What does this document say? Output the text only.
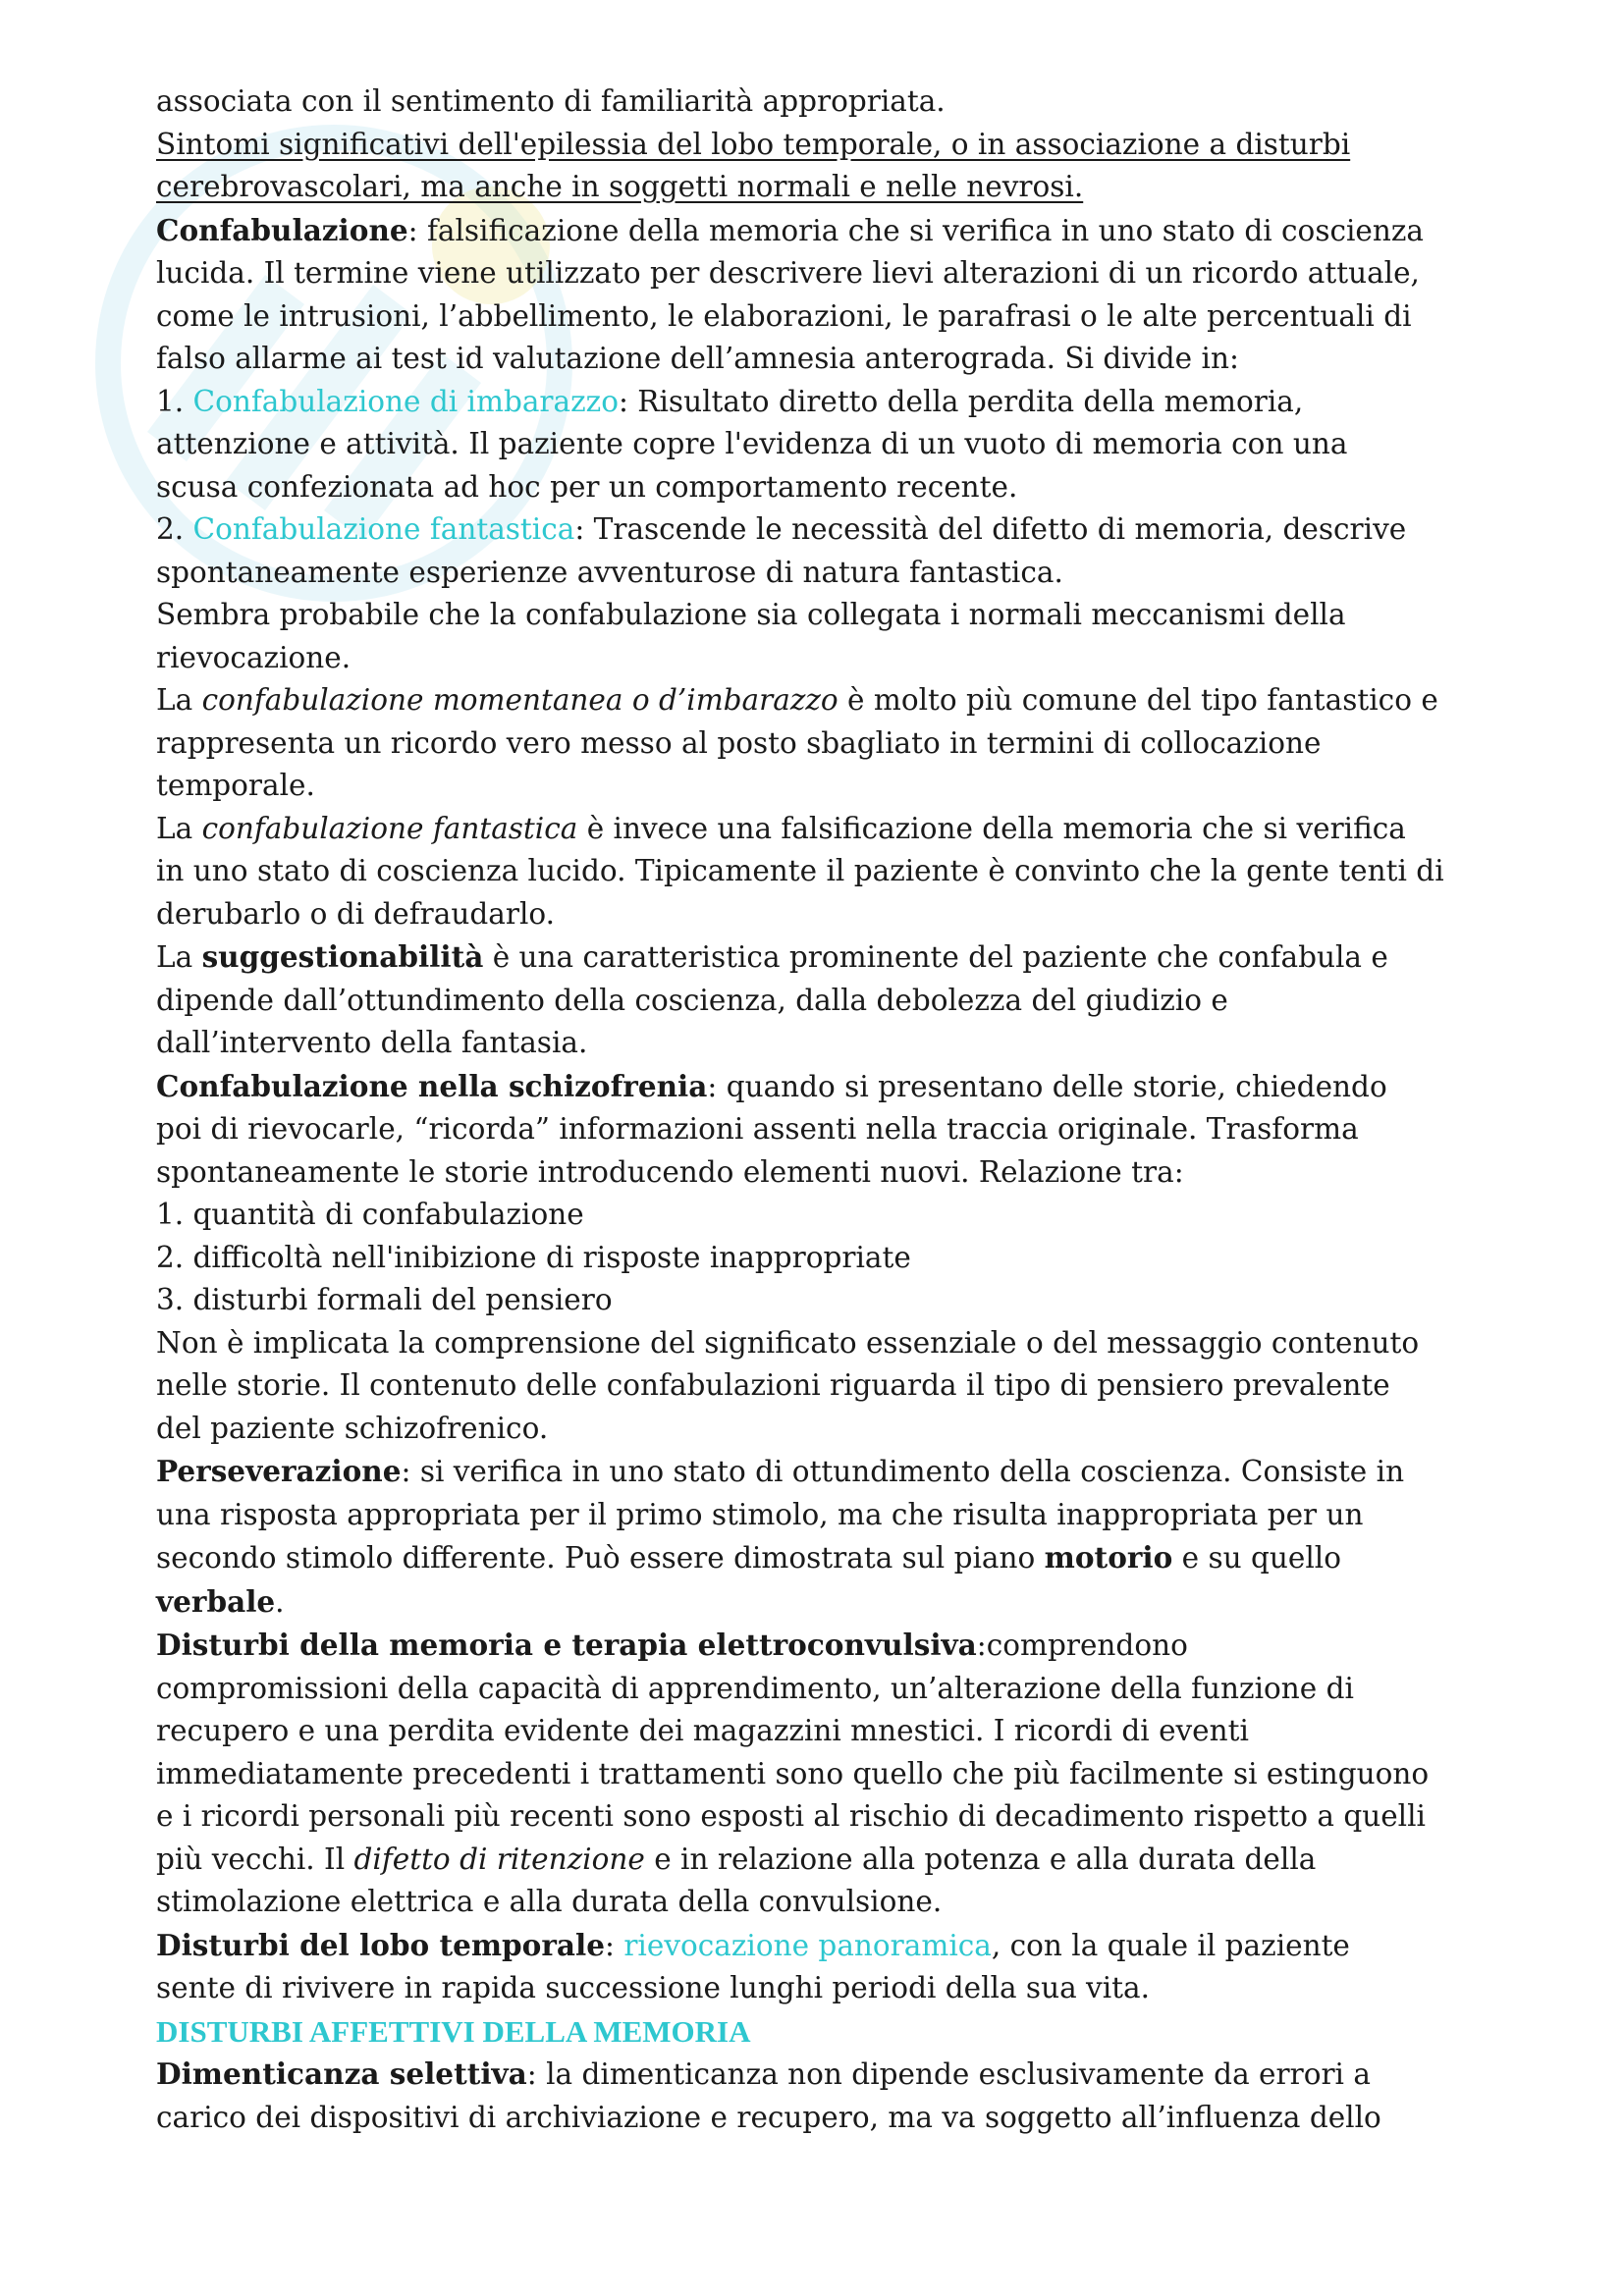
associata con il sentimento di familiarità appropriata.

Sintomi significativi dell'epilessia del lobo temporale, o in associazione a disturbi

cerebrovascolari, ma anche in soggetti normali e nelle nevrosi.

Confabulazione: falsificazione della memoria che si verifica in uno stato di coscienza

lucida. Il termine viene utilizzato per descrivere lievi alterazioni di un ricordo attuale,

come le intrusioni, l’abbellimento, le elaborazioni, le parafrasi o le alte percentuali di

falso allarme ai test id valutazione dell’amnesia anterograda. Si divide in:

1. Confabulazione di imbarazzo: Risultato diretto della perdita della memoria,

attenzione e attività. Il paziente copre l'evidenza di un vuoto di memoria con una

scusa confezionata ad hoc per un comportamento recente.

2. Confabulazione fantastica: Trascende le necessità del difetto di memoria, descrive

spontaneamente esperienze avventurose di natura fantastica.

Sembra probabile che la confabulazione sia collegata i normali meccanismi della

rievocazione.

La confabulazione momentanea o d’imbarazzo è molto più comune del tipo fantastico e

rappresenta un ricordo vero messo al posto sbagliato in termini di collocazione

temporale.

La confabulazione fantastica è invece una falsificazione della memoria che si verifica

in uno stato di coscienza lucido. Tipicamente il paziente è convinto che la gente tenti di

derubarlo o di defraudarlo.

La suggestionabilità è una caratteristica prominente del paziente che confabula e

dipende dall’ottundimento della coscienza, dalla debolezza del giudizio e

dall’intervento della fantasia.

Confabulazione nella schizofrenia: quando si presentano delle storie, chiedendo

poi di rievocarle, “ricorda” informazioni assenti nella traccia originale. Trasforma

spontaneamente le storie introducendo elementi nuovi. Relazione tra:

1. quantità di confabulazione

2. difficoltà nell'inibizione di risposte inappropriate

3. disturbi formali del pensiero

Non è implicata la comprensione del significato essenziale o del messaggio contenuto

nelle storie. Il contenuto delle confabulazioni riguarda il tipo di pensiero prevalente

del paziente schizofrenico.

Perseverazione: si verifica in uno stato di ottundimento della coscienza. Consiste in

una risposta appropriata per il primo stimolo, ma che risulta inappropriata per un

secondo stimolo differente. Può essere dimostrata sul piano motorio e su quello

verbale.

Disturbi della memoria e terapia elettroconvulsiva:comprendono

compromissioni della capacità di apprendimento, un’alterazione della funzione di

recupero e una perdita evidente dei magazzini mnestici. I ricordi di eventi

immediatamente precedenti i trattamenti sono quello che più facilmente si estinguono

e i ricordi personali più recenti sono esposti al rischio di decadimento rispetto a quelli

più vecchi. Il difetto di ritenzione e in relazione alla potenza e alla durata della

stimolazione elettrica e alla durata della convulsione.

Disturbi del lobo temporale: rievocazione panoramica, con la quale il paziente

sente di rivivere in rapida successione lunghi periodi della sua vita.

DISTURBI AFFETTIVI DELLA MEMORIA

Dimenticanza selettiva: la dimenticanza non dipende esclusivamente da errori a

carico dei dispositivi di archiviazione e recupero, ma va soggetto all’influenza dello
